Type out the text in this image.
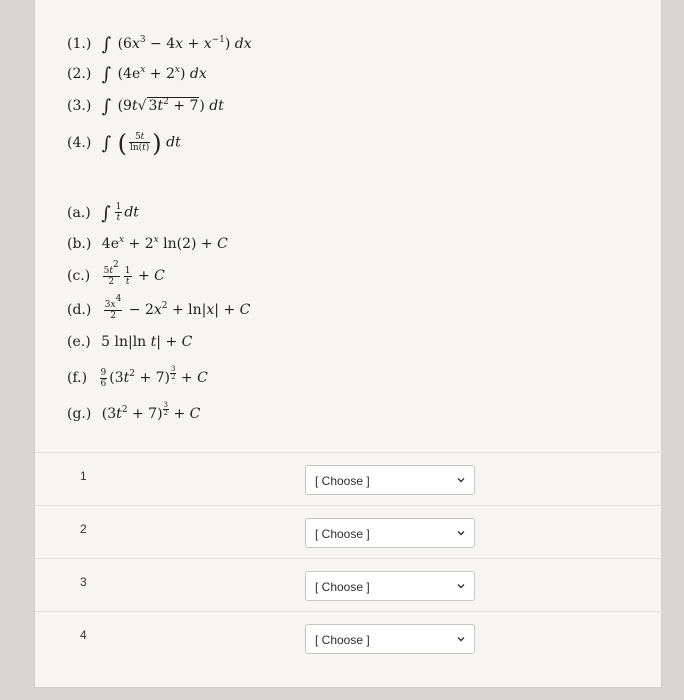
(1.) ∫ $(6x^3 - 4x + x^{-1})$ dx
(2.) ∫ $(4e^x + 2^x)$ dx
(3.) ∫ (9t√ $3t^2 + 7$) dt
(4.) ∫ ( $\frac{5t}{\ln(t)}$ ) dt
(a.) ∫ $\frac{1}{t}$ dt
(b.) $4e^x + 2^x$ ln(2) + C
$(c.) \frac{5t^2}{2} \frac{1}{t} + C$
$(d.) \frac{3x^4}{2} - 2x^2 + \ln|x| + C$
(e.) 5 ln|ln t| + C
$(f.) \frac{9}{6} (3t^2 + 7) ^{\frac{3}{2}} + C$
(g.) $(3t^2 + 7) ^{\frac{3}{2}} + C$
1	[ Choose ]
2	[ Choose ]
3	[ Choose ]
4	[ Choose ]
